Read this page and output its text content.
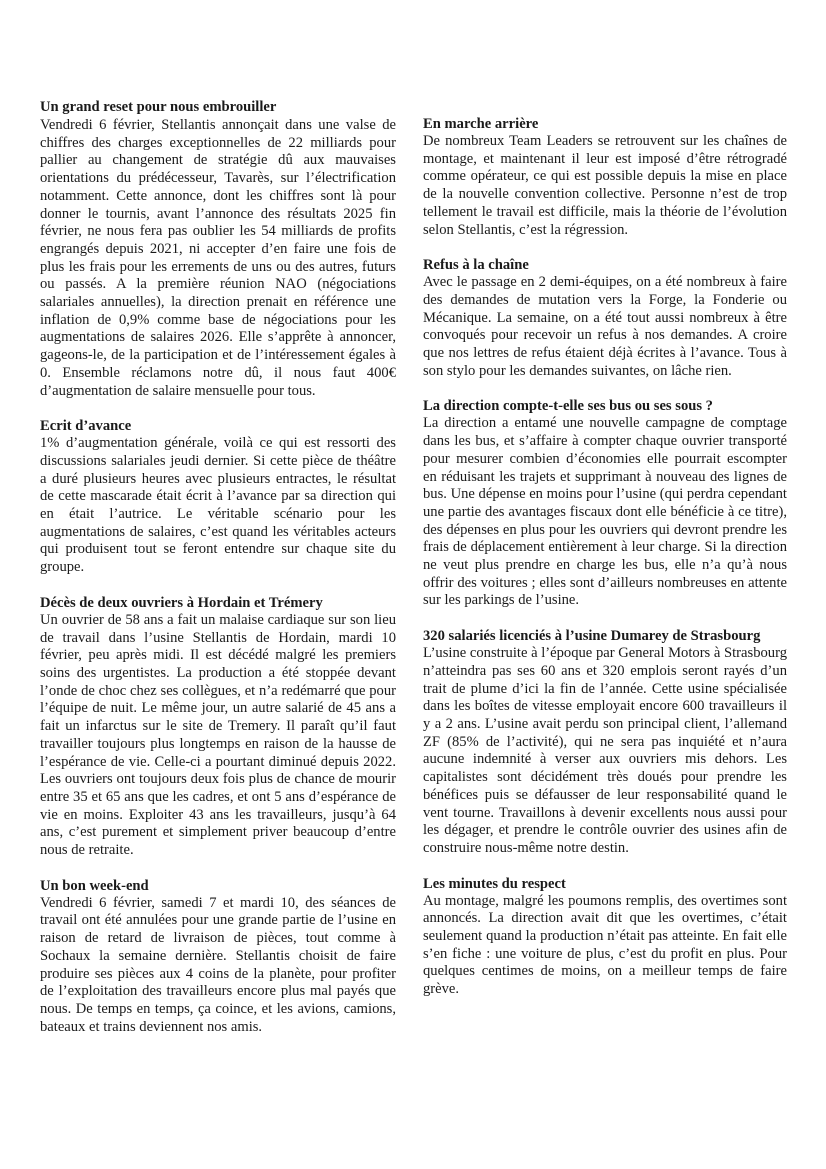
Un grand reset pour nous embrouiller

Vendredi 6 février, Stellantis annonçait dans une valse de chiffres des charges exceptionnelles de 22 milliards pour pallier au changement de stratégie dû aux mauvaises orientations du prédécesseur, Tavarès, sur l’électrification notamment. Cette annonce, dont les chiffres sont là pour donner le tournis, avant l’annonce des résultats 2025 fin février, ne nous fera pas oublier les 54 milliards de profits engrangés depuis 2021, ni accepter d’en faire une fois de plus les frais pour les errements de uns ou des autres, futurs ou passés. A la première réunion NAO (négociations salariales annuelles), la direction prenait en référence une inflation de 0,9% comme base de négociations pour les augmentations de salaires 2026. Elle s’apprête à annoncer, gageons-le, de la participation et de l’intéressement égales à 0. Ensemble réclamons notre dû, il nous faut 400€ d’augmentation de salaire mensuelle pour tous.

Ecrit d’avance

1% d’augmentation générale, voilà ce qui est ressorti des discussions salariales jeudi dernier. Si cette pièce de théâtre a duré plusieurs heures avec plusieurs entractes, le résultat de cette mascarade était écrit à l’avance par sa direction qui en était l’autrice. Le véritable scénario pour les augmentations de salaires, c’est quand les véritables acteurs qui produisent tout se feront entendre sur chaque site du groupe.

Décès de deux ouvriers à Hordain et Trémery

Un ouvrier de 58 ans a fait un malaise cardiaque sur son lieu de travail dans l’usine Stellantis de Hordain, mardi 10 février, peu après midi. Il est décédé malgré les premiers soins des urgentistes. La production a été stoppée devant l’onde de choc chez ses collègues, et n’a redémarré que pour l’équipe de nuit. Le même jour, un autre salarié de 45 ans a fait un infarctus sur le site de Tremery. Il paraît qu’il faut travailler toujours plus longtemps en raison de la hausse de l’espérance de vie. Celle-ci a pourtant diminué depuis 2022. Les ouvriers ont toujours deux fois plus de chance de mourir entre 35 et 65 ans que les cadres, et ont 5 ans d’espérance de vie en moins. Exploiter 43 ans les travailleurs, jusqu’à 64 ans, c’est purement et simplement priver beaucoup d’entre nous de retraite.

Un bon week-end

Vendredi 6 février, samedi 7 et mardi 10, des séances de travail ont été annulées pour une grande partie de l’usine en raison de retard de livraison de pièces, tout comme à Sochaux la semaine dernière. Stellantis choisit de faire produire ses pièces aux 4 coins de la planète, pour profiter de l’exploitation des travailleurs encore plus mal payés que nous. De temps en temps, ça coince, et les avions, camions, bateaux et trains deviennent nos amis.

En marche arrière

De nombreux Team Leaders se retrouvent sur les chaînes de montage, et maintenant il leur est imposé d’être rétrogradé comme opérateur, ce qui est possible depuis la mise en place de la nouvelle convention collective. Personne n’est de trop tellement le travail est difficile, mais la théorie de l’évolution selon Stellantis, c’est la régression.

Refus à la chaîne

Avec le passage en 2 demi-équipes, on a été nombreux à faire des demandes de mutation vers la Forge, la Fonderie ou Mécanique. La semaine, on a été tout aussi nombreux à être convoqués pour recevoir un refus à nos demandes. A croire que nos lettres de refus étaient déjà écrites à l’avance. Tous à son stylo pour les demandes suivantes, on lâche rien.

La direction compte-t-elle ses bus ou ses sous ?

La direction a entamé une nouvelle campagne de comptage dans les bus, et s’affaire à compter chaque ouvrier transporté pour mesurer combien d’économies elle pourrait escompter en réduisant les trajets et supprimant à nouveau des lignes de bus. Une dépense en moins pour l’usine (qui perdra cependant une partie des avantages fiscaux dont elle bénéficie à ce titre), des dépenses en plus pour les ouvriers qui devront prendre les frais de déplacement entièrement à leur charge. Si la direction ne veut plus prendre en charge les bus, elle n’a qu’à nous offrir des voitures ; elles sont d’ailleurs nombreuses en attente sur les parkings de l’usine.

320 salariés licenciés à l’usine Dumarey de Strasbourg

L’usine construite à l’époque par General Motors à Strasbourg n’atteindra pas ses 60 ans et 320 emplois seront rayés d’un trait de plume d’ici la fin de l’année. Cette usine spécialisée dans les boîtes de vitesse employait encore 600 travailleurs il y a 2 ans. L’usine avait perdu son principal client, l’allemand ZF (85% de l’activité), qui ne sera pas inquiété et n’aura aucune indemnité à verser aux ouvriers mis dehors. Les capitalistes sont décidément très doués pour prendre les bénéfices puis se défausser de leur responsabilité quand le vent tourne. Travaillons à devenir excellents nous aussi pour les dégager, et prendre le contrôle ouvrier des usines afin de construire nous-même notre destin.

Les minutes du respect

Au montage, malgré les poumons remplis, des overtimes sont annoncés. La direction avait dit que les overtimes, c’était seulement quand la production n’était pas atteinte. En fait elle s’en fiche : une voiture de plus, c’est du profit en plus. Pour quelques centimes de moins, on a meilleur temps de faire grève.
